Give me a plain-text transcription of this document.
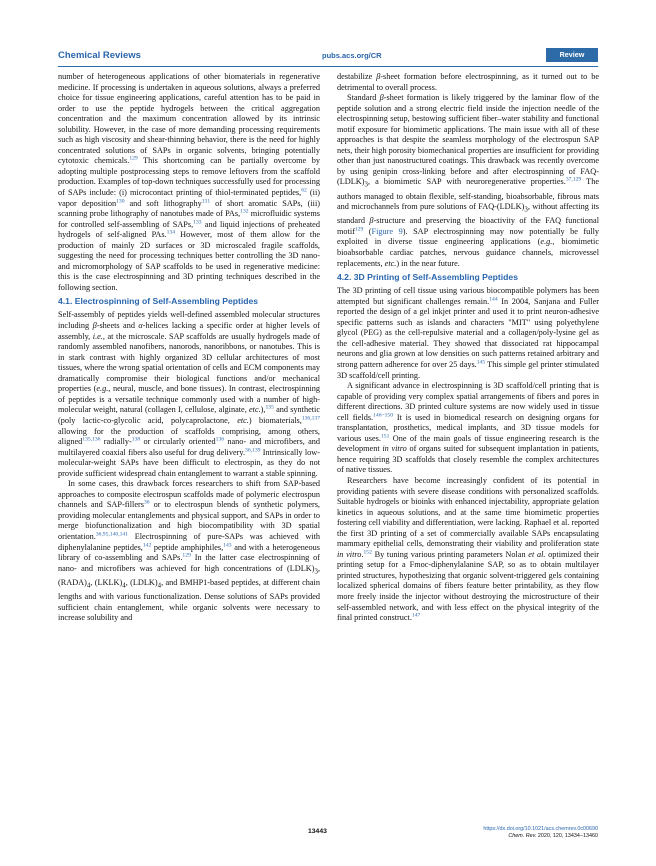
Chemical Reviews	pubs.acs.org/CR	Review

number of heterogeneous applications of other biomaterials in regenerative medicine. If processing is undertaken in aqueous solutions, always a preferred choice for tissue engineering applications, careful attention has to be paid in order to use the peptide hydrogels between the critical aggregation concentration and the maximum concentration allowed by its intrinsic solubility. However, in the case of more demanding processing requirements such as high viscosity and shear-thinning behavior, there is the need for highly concentrated solutions of SAPs in organic solvents, bringing potentially cytotoxic chemicals.$^{129}$ This shortcoming can be partially overcome by adopting multiple postprocessing steps to remove leftovers from the scaffold production. Examples of top-down techniques successfully used for processing of SAPs include: (i) microcontact printing of thiol-terminated peptides,$^{62}$ (ii) vapor deposition$^{130}$ and soft lithography$^{131}$ of short aromatic SAPs, (iii) scanning probe lithography of nanotubes made of PAs,$^{132}$ microfluidic systems for controlled self-assembling of SAPs,$^{133}$ and liquid injections of preheated hydrogels of self-aligned PAs.$^{134}$ However, most of them allow for the production of mainly 2D surfaces or 3D microscaled fragile scaffolds, suggesting the need for processing techniques better controlling the 3D nano- and micromorphology of SAP scaffolds to be used in regenerative medicine: this is the case electrospinning and 3D printing techniques described in the following section.

4.1. Electrospinning of Self-Assembling Peptides

Self-assembly of peptides yields well-defined assembled molecular structures including β-sheets and α-helices lacking a specific order at higher levels of assembly, i.e., at the microscale. SAP scaffolds are usually hydrogels made of randomly assembled nanofibers, nanorods, nanoribbons, or nanotubes. This is in stark contrast with highly organized 3D cellular architectures of most tissues, where the wrong spatial orientation of cells and ECM components may dramatically compromise their biological functions and/or mechanical properties (e.g., neural, muscle, and bone tissues). In contrast, electrospinning of peptides is a versatile technique commonly used with a number of high-molecular weight, natural (collagen I, cellulose, alginate, etc.),$^{135}$ and synthetic (poly lactic-co-glycolic acid, polycaprolactone, etc.) biomaterials,$^{136,137}$ allowing for the production of scaffolds comprising, among others, aligned$^{135,136}$ radially-$^{138}$ or circularly oriented$^{136}$ nano- and microfibers, and multilayered coaxial fibers also useful for drug delivery.$^{36,139}$ Intrinsically low-molecular-weight SAPs have been difficult to electrospin, as they do not provide sufficient widespread chain entanglement to warrant a stable spinning.

In some cases, this drawback forces researchers to shift from SAP-based approaches to composite electrospun scaffolds made of polymeric electrospun channels and SAP-fillers$^{36}$ or to electrospun blends of synthetic polymers, providing molecular entanglements and physical support, and SAPs in order to merge biofunctionalization and high biocompatibility with 3D spatial orientation.$^{36,95,140,141}$ Electrospinning of pure-SAPs was achieved with diphenylalanine peptides,$^{142}$ peptide amphiphiles,$^{143}$ and with a heterogeneous library of co-assembling and SAPs.$^{129}$ In the latter case electrospinning of nano- and microfibers was achieved for high concentrations of $(LDLK)_3$, $(RADA)_4$, $(LKLK)_4$, $(LDLK)_4$, and BMHP1-based peptides, at different chain lengths and with various functionalization. Dense solutions of SAPs provided sufficient chain entanglement, while organic solvents were necessary to increase solubility and

destabilize β-sheet formation before electrospinning, as it turned out to be detrimental to overall process.

Standard β-sheet formation is likely triggered by the laminar flow of the peptide solution and a strong electric field inside the injection needle of the electrospinning setup, bestowing sufficient fiber–water stability and functional motif exposure for biomimetic applications. The main issue with all of these approaches is that despite the seamless morphology of the electrospun SAP nets, their high porosity biomechanical properties are insufficient for providing other than just nanostructured coatings. This drawback was recently overcome by using genipin cross-linking before and after electrospinning of FAQ-$(LDLK)_3$, a biomimetic SAP with neuroregenerative properties.$^{37,129}$ The authors managed to obtain flexible, self-standing, bioabsorbable, fibrous mats and microchannels from pure solutions of FAQ-$(LDLK)_3$, without affecting its standard β-structure and preserving the bioactivity of the FAQ functional motif$^{129}$ (Figure 9). SAP electrospinning may now potentially be fully exploited in diverse tissue engineering applications (e.g., biomimetic bioabsorbable cardiac patches, nervous guidance channels, microvessel replacements, etc.) in the near future.

4.2. 3D Printing of Self-Assembling Peptides

The 3D printing of cell tissue using various biocompatible polymers has been attempted but significant challenges remain.$^{144}$ In 2004, Sanjana and Fuller reported the design of a gel inkjet printer and used it to print neuron-adhesive specific patterns such as islands and characters "MIT" using polyethylene glycol (PEG) as the cell-repulsive material and a collagen/poly-lysine gel as the cell-adhesive material. They showed that dissociated rat hippocampal neurons and glia grown at low densities on such patterns retained arbitrary and strong pattern adherence for over 25 days.$^{145}$ This simple gel printer stimulated 3D scaffold/cell printing.

A significant advance in electrospinning is 3D scaffold/cell printing that is capable of providing very complex spatial arrangements of fibers and pores in different directions. 3D printed culture systems are now widely used in tissue cell fields.$^{146-150}$ It is used in biomedical research on designing organs for transplantation, prosthetics, medical implants, and 3D tissue models for various uses.$^{151}$ One of the main goals of tissue engineering research is the development in vitro of organs suited for subsequent implantation in patients, hence requiring 3D scaffolds that closely resemble the complex architectures of native tissues.

Researchers have become increasingly confident of its potential in providing patients with severe disease conditions with personalized scaffolds. Suitable hydrogels or bioinks with enhanced injectability, appropriate gelation kinetics in aqueous solutions, and at the same time biomimetic properties fostering cell viability and differentiation, were lacking. Raphael et al. reported the first 3D printing of a set of commercially available SAPs encapsulating mammary epithelial cells, demonstrating their viability and proliferation state in vitro.$^{152}$ By tuning various printing parameters Nolan et al. optimized their printing setup for a Fmoc-diphenylalanine SAP, so as to obtain multilayer printed structures, hypothesizing that organic solvent-triggered gels containing localized spherical domains of fibers feature better printability, as they flow more freely inside the injector without destroying the microstructure of their self-assembled network, and with less effect on the physical integrity of the final printed construct.$^{147}$

13443	https://dx.doi.org/10.1021/acs.chemrev.0c00690
Chem. Rev. 2020, 120, 13434−13460
